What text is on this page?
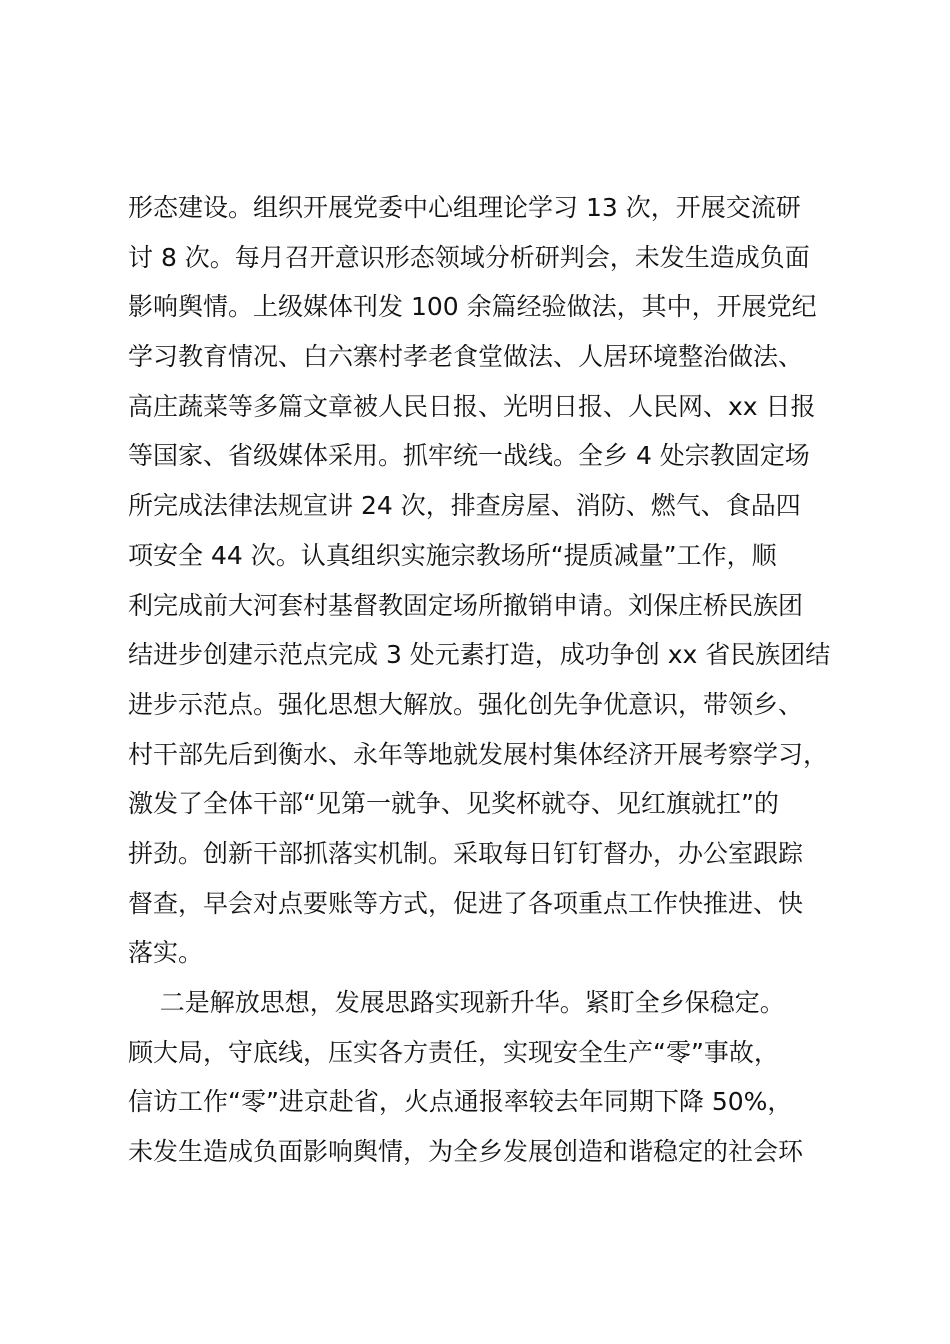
形态建设。组织开展党委中心组理论学习 13 次，开展交流研
讨 8 次。每月召开意识形态领域分析研判会，未发生造成负面
影响舆情。上级媒体刊发 100 余篇经验做法，其中，开展党纪
学习教育情况、白六寨村孝老食堂做法、人居环境整治做法、
高庄蔬菜等多篇文章被人民日报、光明日报、人民网、xx 日报
等国家、省级媒体采用。抓牢统一战线。全乡 4 处宗教固定场
所完成法律法规宣讲 24 次，排查房屋、消防、燃气、食品四
项安全 44 次。认真组织实施宗教场所“提质减量”工作，顺
利完成前大河套村基督教固定场所撤销申请。刘保庄桥民族团
结进步创建示范点完成 3 处元素打造，成功争创 xx 省民族团结
进步示范点。强化思想大解放。强化创先争优意识，带领乡、
村干部先后到衡水、永年等地就发展村集体经济开展考察学习，
激发了全体干部“见第一就争、见奖杯就夺、见红旗就扛”的
拼劲。创新干部抓落实机制。采取每日钉钉督办，办公室跟踪
督查，早会对点要账等方式，促进了各项重点工作快推进、快
落实。
二是解放思想，发展思路实现新升华。紧盯全乡保稳定。
顾大局，守底线，压实各方责任，实现安全生产“零”事故，
信访工作“零”进京赴省，火点通报率较去年同期下降 50%，
未发生造成负面影响舆情，为全乡发展创造和谐稳定的社会环
